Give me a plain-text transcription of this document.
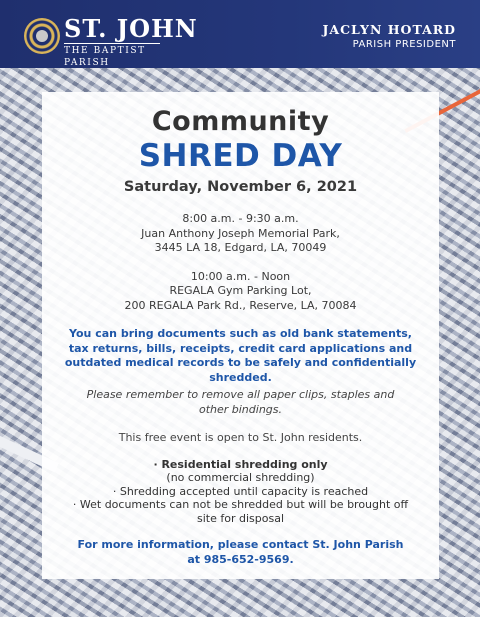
ST. JOHN
THE BAPTIST PARISH
JACLYN HOTARD
PARISH PRESIDENT
Community
SHRED DAY
Saturday, November 6, 2021
8:00 a.m. - 9:30 a.m.
Juan Anthony Joseph Memorial Park,
3445 LA 18, Edgard, LA, 70049
10:00 a.m. - Noon
REGALA Gym Parking Lot,
200 REGALA Park Rd., Reserve, LA, 70084
You can bring documents such as old bank statements, tax returns, bills, receipts, credit card applications and outdated medical records to be safely and confidentially shredded.
Please remember to remove all paper clips, staples and other bindings.
This free event is open to St. John residents.
· Residential shredding only
(no commercial shredding)
· Shredding accepted until capacity is reached
· Wet documents can not be shredded but will be brought off site for disposal
For more information, please contact St. John Parish
at 985-652-9569.
